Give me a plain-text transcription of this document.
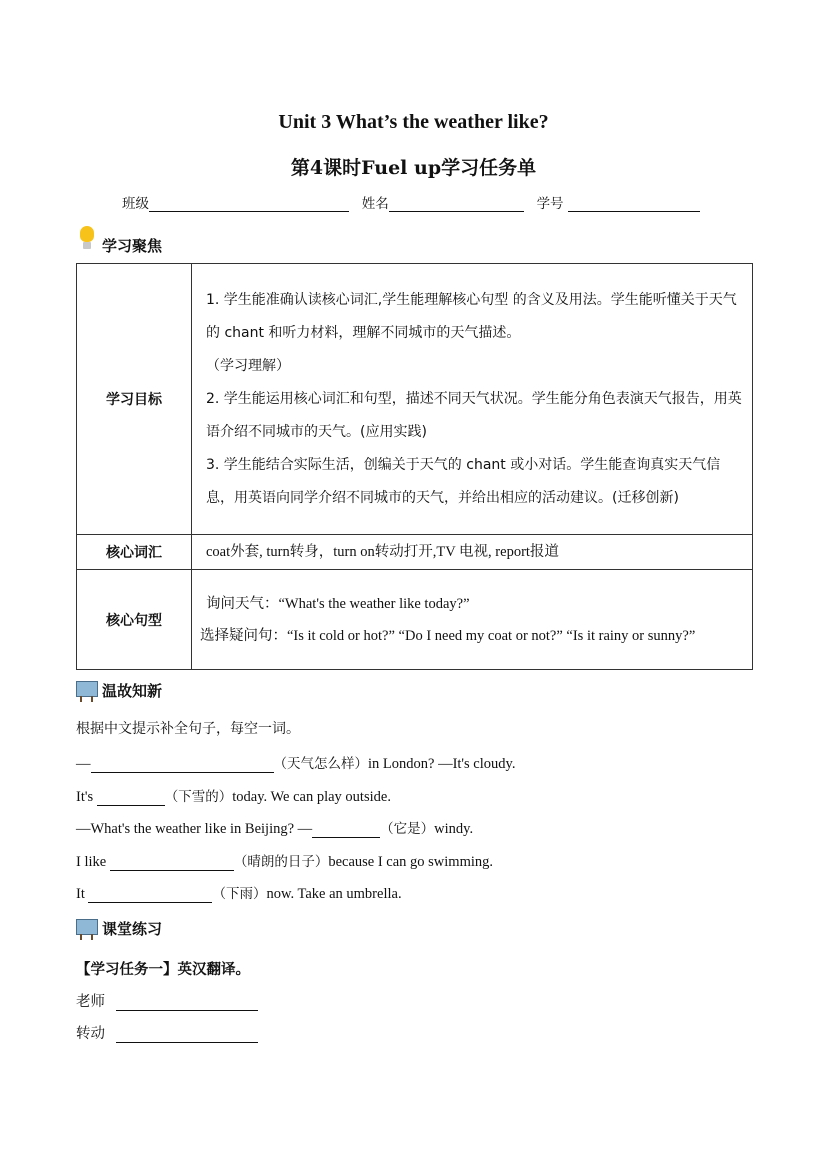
Unit 3 What’s the weather like?
第4课时Fuel up学习任务单
班级	姓名	学号
学习聚焦
学习目标	1. 学生能准确认读核心词汇,学生能理解核心句型 的含义及用法。学生能听懂关于天气的 chant 和听力材料，理解不同城市的天气描述。

（学习理解）

2. 学生能运用核心词汇和句型，描述不同天气状况。学生能分角色表演天气报告，用英语介绍不同城市的天气。(应用实践)

3. 学生能结合实际生活，创编关于天气的 chant 或小对话。学生能查询真实天气信息，用英语向同学介绍不同城市的天气，并给出相应的活动建议。(迁移创新)

核心词汇	coat外套, turn转身，turn on转动打开,TV 电视, report报道
核心句型	询问天气：“What's the weather like today?”

选择疑问句：“Is it cold or hot?” “Do I need my coat or not?” “Is it rainy or sunny?”

温故知新
根据中文提示补全句子，每空一词。
—	（天气怎么样）in London? —It's cloudy.
It's	（下雪的）today. We can play outside.
—What's the weather like in Beijing? —	（它是）windy.
I like	（晴朗的日子）because I can go swimming.
It	（下雨）now. Take an umbrella.
课堂练习
【学习任务一】英汉翻译。
老师
转动
